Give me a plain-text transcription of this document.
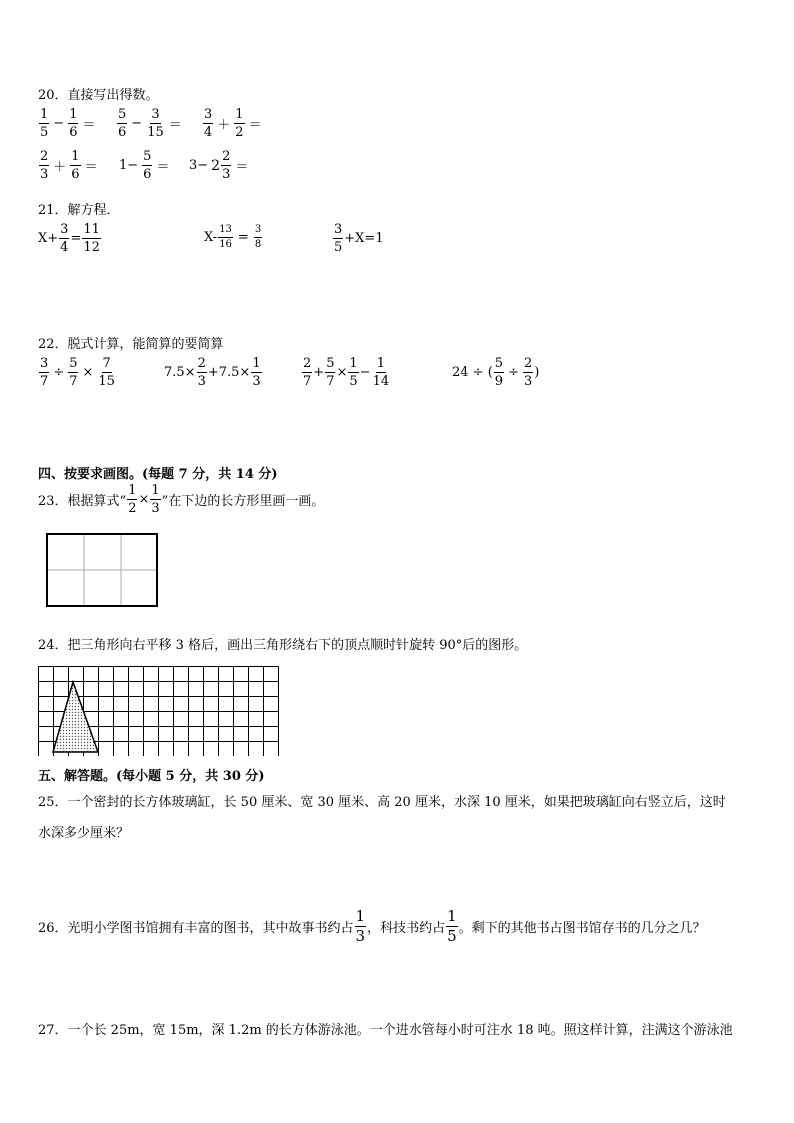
20．直接写出得数。
$\frac{1}{5} - \frac{1}{6} = \frac{5}{6} - \frac{3}{15} = \frac{3}{4} + \frac{1}{2}$ ＝
$\frac{2}{3} + \frac{1}{6} = 1- \frac{5}{6} = 3- 2 \frac{2}{3}$ ＝
21．解方程．
$X+ \frac{3}{4} = \frac{11}{12}$	$X- \frac{13}{16} = \frac{3}{8}$	$\frac{3}{5} +X=1$
22．脱式计算，能简算的要简算
$\frac{3}{7} \div \frac{5}{7} \times \frac{7}{15}$	$7.5\times \frac{2}{3} +7.5\times \frac{1}{3}$	$\frac{2}{7} + \frac{5}{7} \times \frac{1}{5} - \frac{1}{14}$	24 ÷ ( $\frac{5}{9} \div \frac{2}{3}$ )
四、按要求画图。(每题 7 分，共 14 分)
23．根据算式“ $\frac{1}{2} \times \frac{1}{3}$ ”在下边的长方形里画一画。
24．把三角形向右平移 3 格后，画出三角形绕右下的顶点顺时针旋转 90°后的图形。
五、解答题。(每小题 5 分，共 30 分)
25．一个密封的长方体玻璃缸，长 50 厘米、宽 30 厘米、高 20 厘米，水深 10 厘米，如果把玻璃缸向右竖立后，这时
水深多少厘米？
26．光明小学图书馆拥有丰富的图书，其中故事书约占 $\frac{1}{3}$ ，科技书约占 $\frac{1}{5}$ 。剩下的其他书占图书馆存书的几分之几？
27．一个长 25m，宽 15m，深 1.2m 的长方体游泳池。一个进水管每小时可注水 18 吨。照这样计算，注满这个游泳池
